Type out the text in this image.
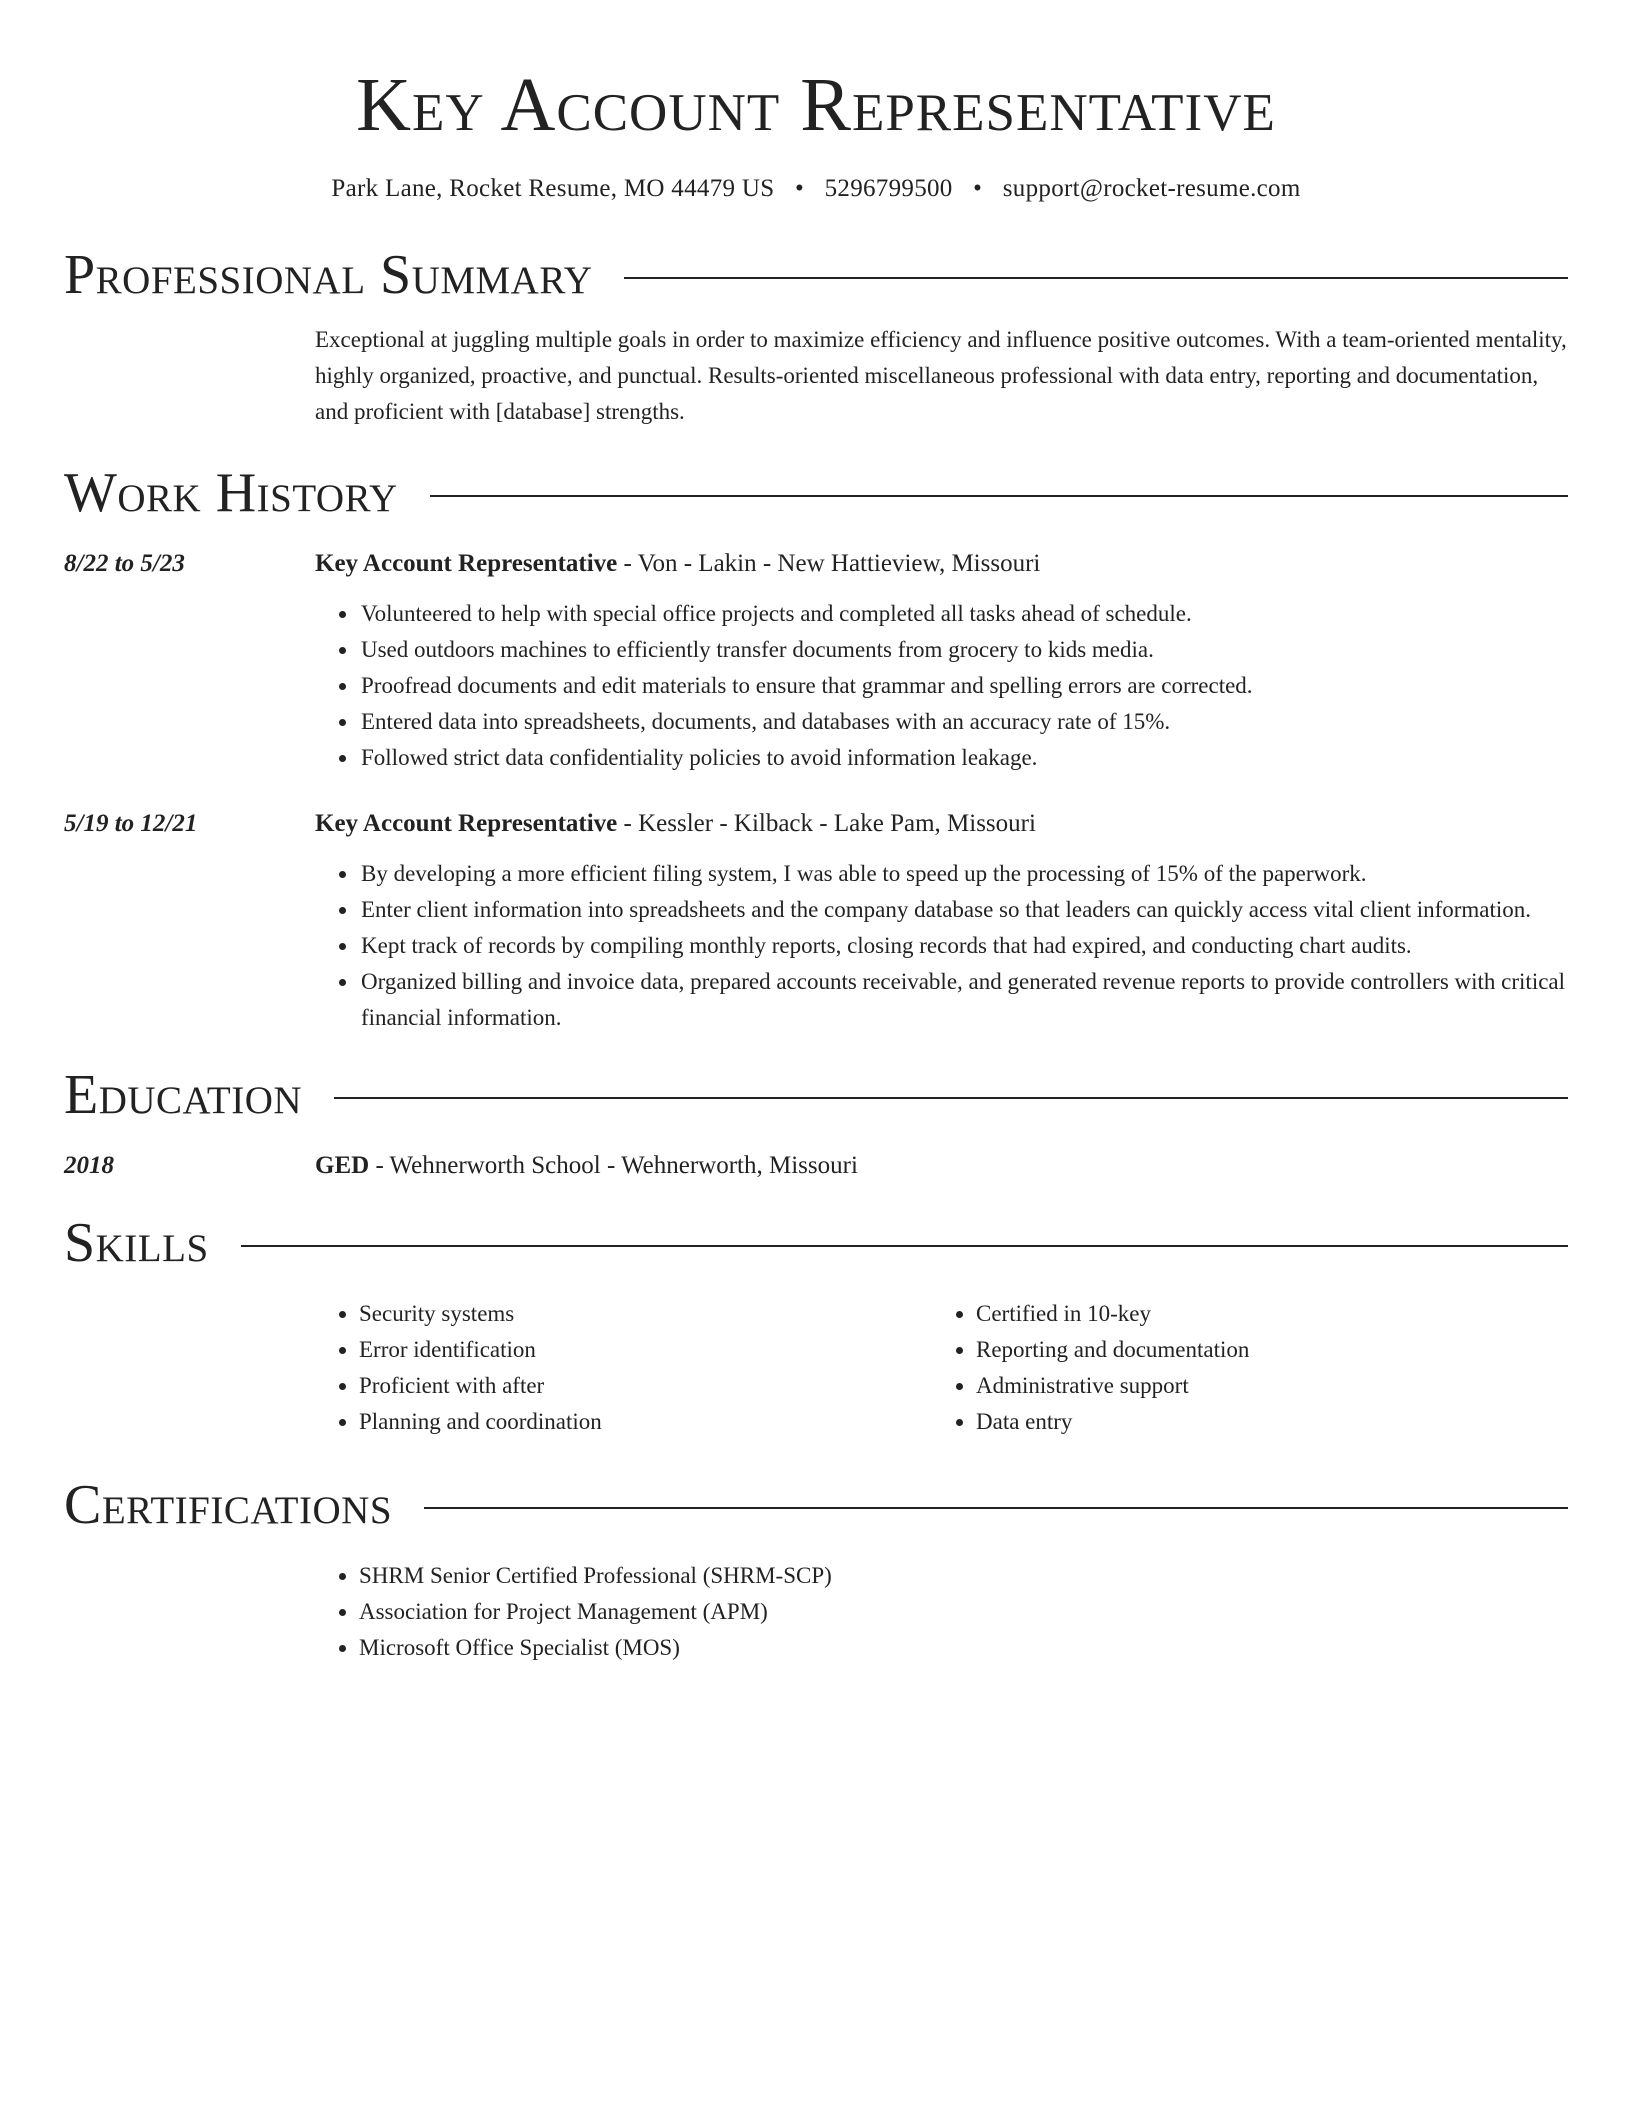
Key Account Representative
Park Lane, Rocket Resume, MO 44479 US • 5296799500 • support@rocket-resume.com
Professional Summary
Exceptional at juggling multiple goals in order to maximize efficiency and influence positive outcomes. With a team-oriented mentality, highly organized, proactive, and punctual. Results-oriented miscellaneous professional with data entry, reporting and documentation, and proficient with [database] strengths.
Work History
8/22 to 5/23	Key Account Representative - Von - Lakin - New Hattieview, Missouri
• Volunteered to help with special office projects and completed all tasks ahead of schedule.
• Used outdoors machines to efficiently transfer documents from grocery to kids media.
• Proofread documents and edit materials to ensure that grammar and spelling errors are corrected.
• Entered data into spreadsheets, documents, and databases with an accuracy rate of 15%.
• Followed strict data confidentiality policies to avoid information leakage.
5/19 to 12/21	Key Account Representative - Kessler - Kilback - Lake Pam, Missouri
• By developing a more efficient filing system, I was able to speed up the processing of 15% of the paperwork.
• Enter client information into spreadsheets and the company database so that leaders can quickly access vital client information.
• Kept track of records by compiling monthly reports, closing records that had expired, and conducting chart audits.
• Organized billing and invoice data, prepared accounts receivable, and generated revenue reports to provide controllers with critical financial information.
Education
2018	GED - Wehnerworth School - Wehnerworth, Missouri
Skills
• Security systems
• Error identification
• Proficient with after
• Planning and coordination
• Certified in 10-key
• Reporting and documentation
• Administrative support
• Data entry
Certifications
• SHRM Senior Certified Professional (SHRM-SCP)
• Association for Project Management (APM)
• Microsoft Office Specialist (MOS)
